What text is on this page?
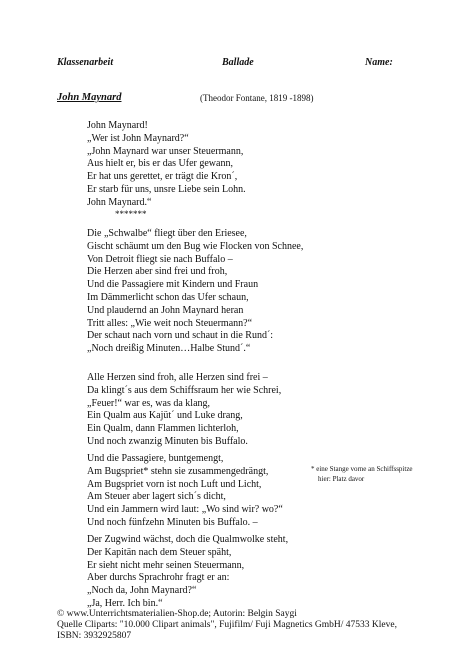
Klassenarbeit	Ballade	Name:
John Maynard	(Theodor Fontane, 1819 -1898)
John Maynard!
„Wer ist John Maynard?“
„John Maynard war unser Steuermann,
Aus hielt er, bis er das Ufer gewann,
Er hat uns gerettet, er trägt die Kron´,
Er starb für uns, unsre Liebe sein Lohn.
John Maynard.“
*******
Die „Schwalbe“ fliegt über den Eriesee,
Gischt schäumt um den Bug wie Flocken von Schnee,
Von Detroit fliegt sie nach Buffalo –
Die Herzen aber sind frei und froh,
Und die Passagiere mit Kindern und Fraun
Im Dämmerlicht schon das Ufer schaun,
Und plaudernd an John Maynard heran
Tritt alles: „Wie weit noch Steuermann?“
Der schaut nach vorn und schaut in die Rund´:
„Noch dreißig Minuten…Halbe Stund´.“
Alle Herzen sind froh, alle Herzen sind frei –
Da klingt´s aus dem Schiffsraum her wie Schrei,
„Feuer!“ war es, was da klang,
Ein Qualm aus Kajüt´ und Luke drang,
Ein Qualm, dann Flammen lichterloh,
Und noch zwanzig Minuten bis Buffalo.
Und die Passagiere, buntgemengt,
Am Bugspriet* stehn sie zusammengedrängt,
Am Bugspriet vorn ist noch Luft und Licht,
Am Steuer aber lagert sich´s dicht,
Und ein Jammern wird laut: „Wo sind wir? wo?“
Und noch fünfzehn Minuten bis Buffalo. –
* eine Stange vorne an Schiffsspitze
hier: Platz davor
Der Zugwind wächst, doch die Qualmwolke steht,
Der Kapitän nach dem Steuer späht,
Er sieht nicht mehr seinen Steuermann,
Aber durchs Sprachrohr fragt er an:
„Noch da, John Maynard?“
„Ja, Herr. Ich bin.“
© www.Unterrichtsmaterialien-Shop.de; Autorin: Belgin Saygi
Quelle Cliparts: "10.000 Clipart animals", Fujifilm/ Fuji Magnetics GmbH/ 47533 Kleve,
ISBN: 3932925807
